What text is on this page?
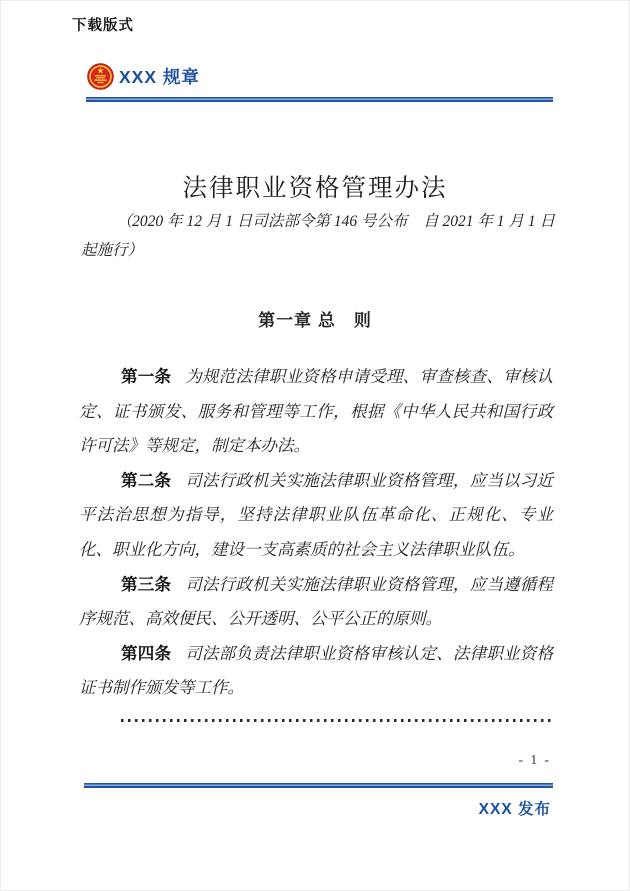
下载版式
XXX 规章
法律职业资格管理办法

（2020 年 12 月 1 日司法部令第 146 号公布　自 2021 年 1 月 1 日起施行）

第一章 总　则

第一条 为规范法律职业资格申请受理、审查核查、审核认定、证书颁发、服务和管理等工作，根据《中华人民共和国行政许可法》等规定，制定本办法。

第二条 司法行政机关实施法律职业资格管理，应当以习近平法治思想为指导，坚持法律职业队伍革命化、正规化、专业化、职业化方向，建设一支高素质的社会主义法律职业队伍。

第三条 司法行政机关实施法律职业资格管理，应当遵循程序规范、高效便民、公开透明、公平公正的原则。

第四条 司法部负责法律职业资格审核认定、法律职业资格证书制作颁发等工作。

- 1 -
XXX 发布
